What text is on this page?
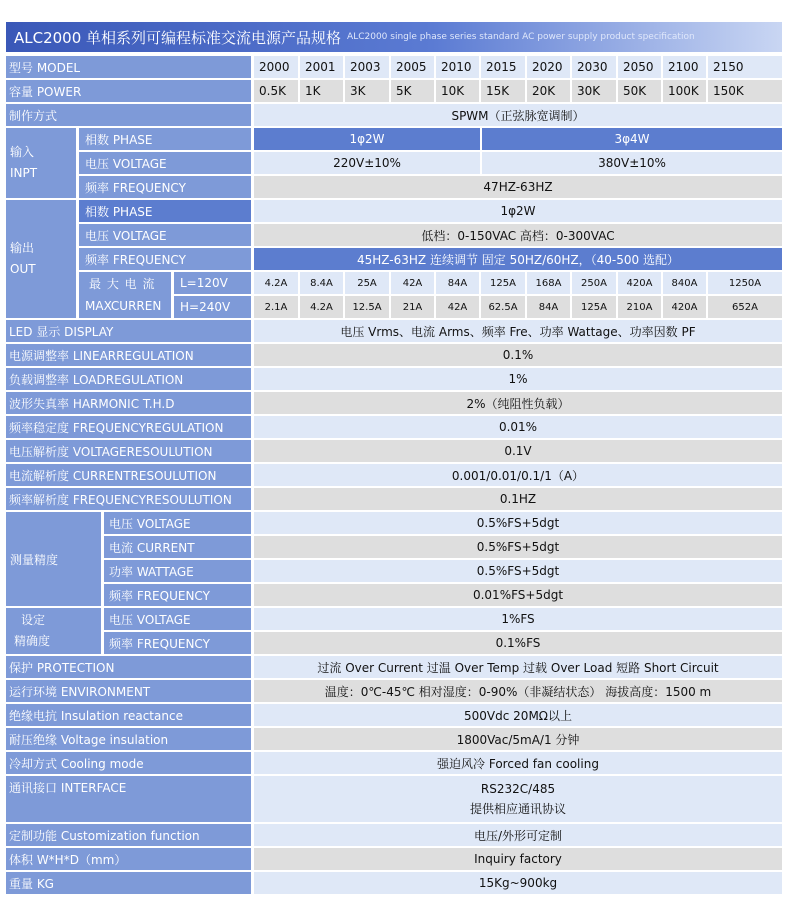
ALC2000 单相系列可编程标准交流电源产品规格 ALC2000 single phase series standard AC power supply product specification
型号 MODEL	2000	2001	2003	2005	2010	2015	2020	2030	2050	2100	2150
容量 POWER	0.5K	1K	3K	5K	10K	15K	20K	30K	50K	100K	150K
制作方式	SPWM（正弦脉宽调制）
输入
INPT
相数 PHASE	1φ2W	3φ4W
电压 VOLTAGE	220V±10%	380V±10%
频率 FREQUENCY	47HZ-63HZ
输出
OUT
相数 PHASE	1φ2W
电压 VOLTAGE	低档：0-150VAC 高档：0-300VAC
频率 FREQUENCY	45HZ-63HZ 连续调节 固定 50HZ/60HZ，（40-500 选配）
最 大 电 流
MAXCURREN
L=120V	4.2A	8.4A	25A	42A	84A	125A	168A	250A	420A	840A	1250A
H=240V	2.1A	4.2A	12.5A	21A	42A	62.5A	84A	125A	210A	420A	652A
LED 显示 DISPLAY	电压 Vrms、电流 Arms、频率 Fre、功率 Wattage、功率因数 PF
电源调整率 LINEARREGULATION	0.1%
负载调整率 LOADREGULATION	1%
波形失真率 HARMONIC T.H.D	2%（纯阻性负载）
频率稳定度 FREQUENCYREGULATION	0.01%
电压解析度 VOLTAGERESOULUTION	0.1V
电流解析度 CURRENTRESOULUTION	0.001/0.01/0.1/1（A）
频率解析度 FREQUENCYRESOULUTION	0.1HZ
测量精度
电压 VOLTAGE	0.5%FS+5dgt
电流 CURRENT	0.5%FS+5dgt
功率 WATTAGE	0.5%FS+5dgt
频率 FREQUENCY	0.01%FS+5dgt
设定
精确度
电压 VOLTAGE	1%FS
频率 FREQUENCY	0.1%FS
保护 PROTECTION	过流 Over Current 过温 Over Temp 过载 Over Load 短路 Short Circuit
运行环境 ENVIRONMENT	温度：0℃-45℃ 相对湿度：0-90%（非凝结状态） 海拔高度：1500 m
绝缘电抗 Insulation reactance	500Vdc 20MΩ以上
耐压绝缘 Voltage insulation	1800Vac/5mA/1 分钟
冷却方式 Cooling mode	强迫风冷 Forced fan cooling
通讯接口 INTERFACE	RS232C/485
提供相应通讯协议
定制功能 Customization function	电压/外形可定制
体积 W*H*D（mm）	Inquiry factory
重量 KG	15Kg~900kg
